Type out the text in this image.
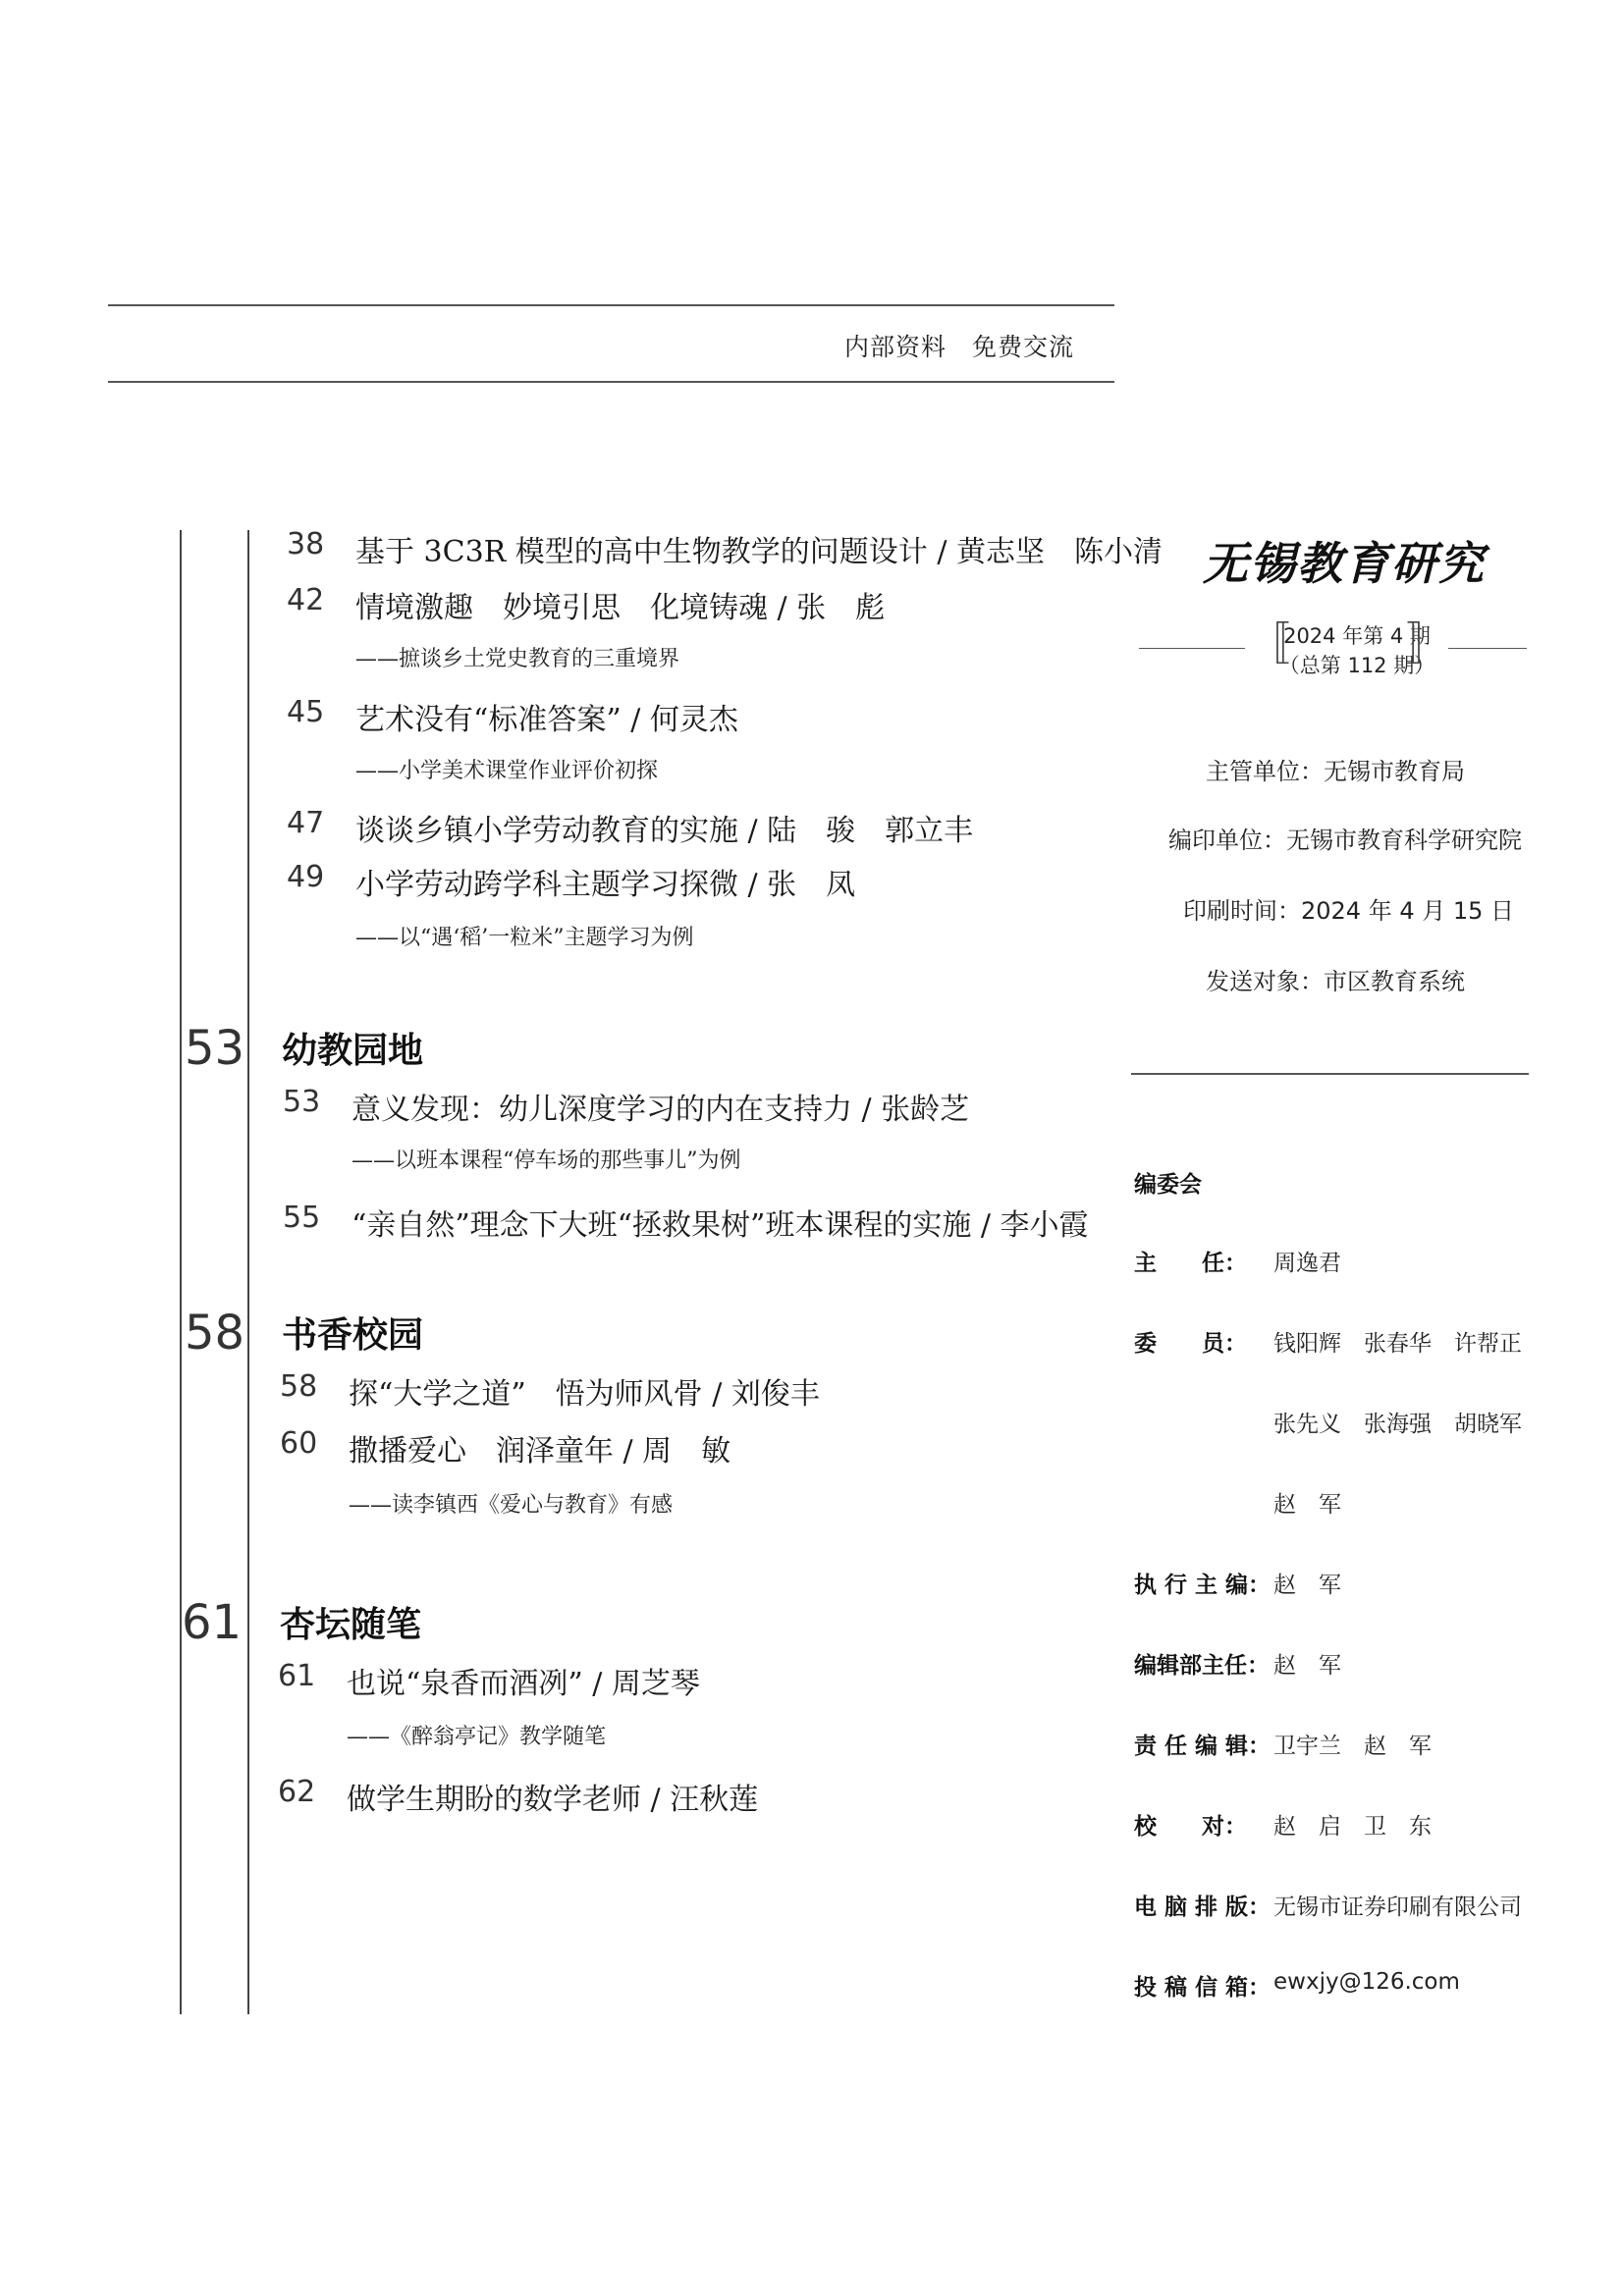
内部资料　免费交流
38 基于 3C3R 模型的高中生物教学的问题设计 / 黄志坚　陈小清
42 情境激趣　妙境引思　化境铸魂 / 张　彪
——摭谈乡土党史教育的三重境界
45 艺术没有“标准答案” / 何灵杰
——小学美术课堂作业评价初探
47 谈谈乡镇小学劳动教育的实施 / 陆　骏　郭立丰
49 小学劳动跨学科主题学习探微 / 张　凤
——以“遇‘稻’一粒米”主题学习为例
53 幼教园地
53 意义发现：幼儿深度学习的内在支持力 / 张龄芝
——以班本课程“停车场的那些事儿”为例
55 “亲自然”理念下大班“拯救果树”班本课程的实施 / 李小霞
58 书香校园
58 探“大学之道”　悟为师风骨 / 刘俊丰
60 撒播爱心　润泽童年 / 周　敏
——读李镇西《爱心与教育》有感
61 杏坛随笔
61 也说“泉香而酒冽” / 周芝琴
——《醉翁亭记》教学随笔
62 做学生期盼的数学老师 / 汪秋莲
无锡教育研究
〚
2024 年第 4 期
（总第 112 期）
〛
主管单位：无锡市教育局
编印单位：无锡市教育科学研究院
印刷时间：2024 年 4 月 15 日
发送对象：市区教育系统
编委会
主　　任： 周逸君
委　　员： 钱阳辉　张春华　许帮正
张先义　张海强　胡晓军
赵　军
执 行 主 编： 赵　军
编辑部主任： 赵　军
责 任 编 辑： 卫宇兰　赵　军
校　　对： 赵　启　卫　东
电 脑 排 版： 无锡市证券印刷有限公司
投 稿 信 箱： ewxjy@126.com
